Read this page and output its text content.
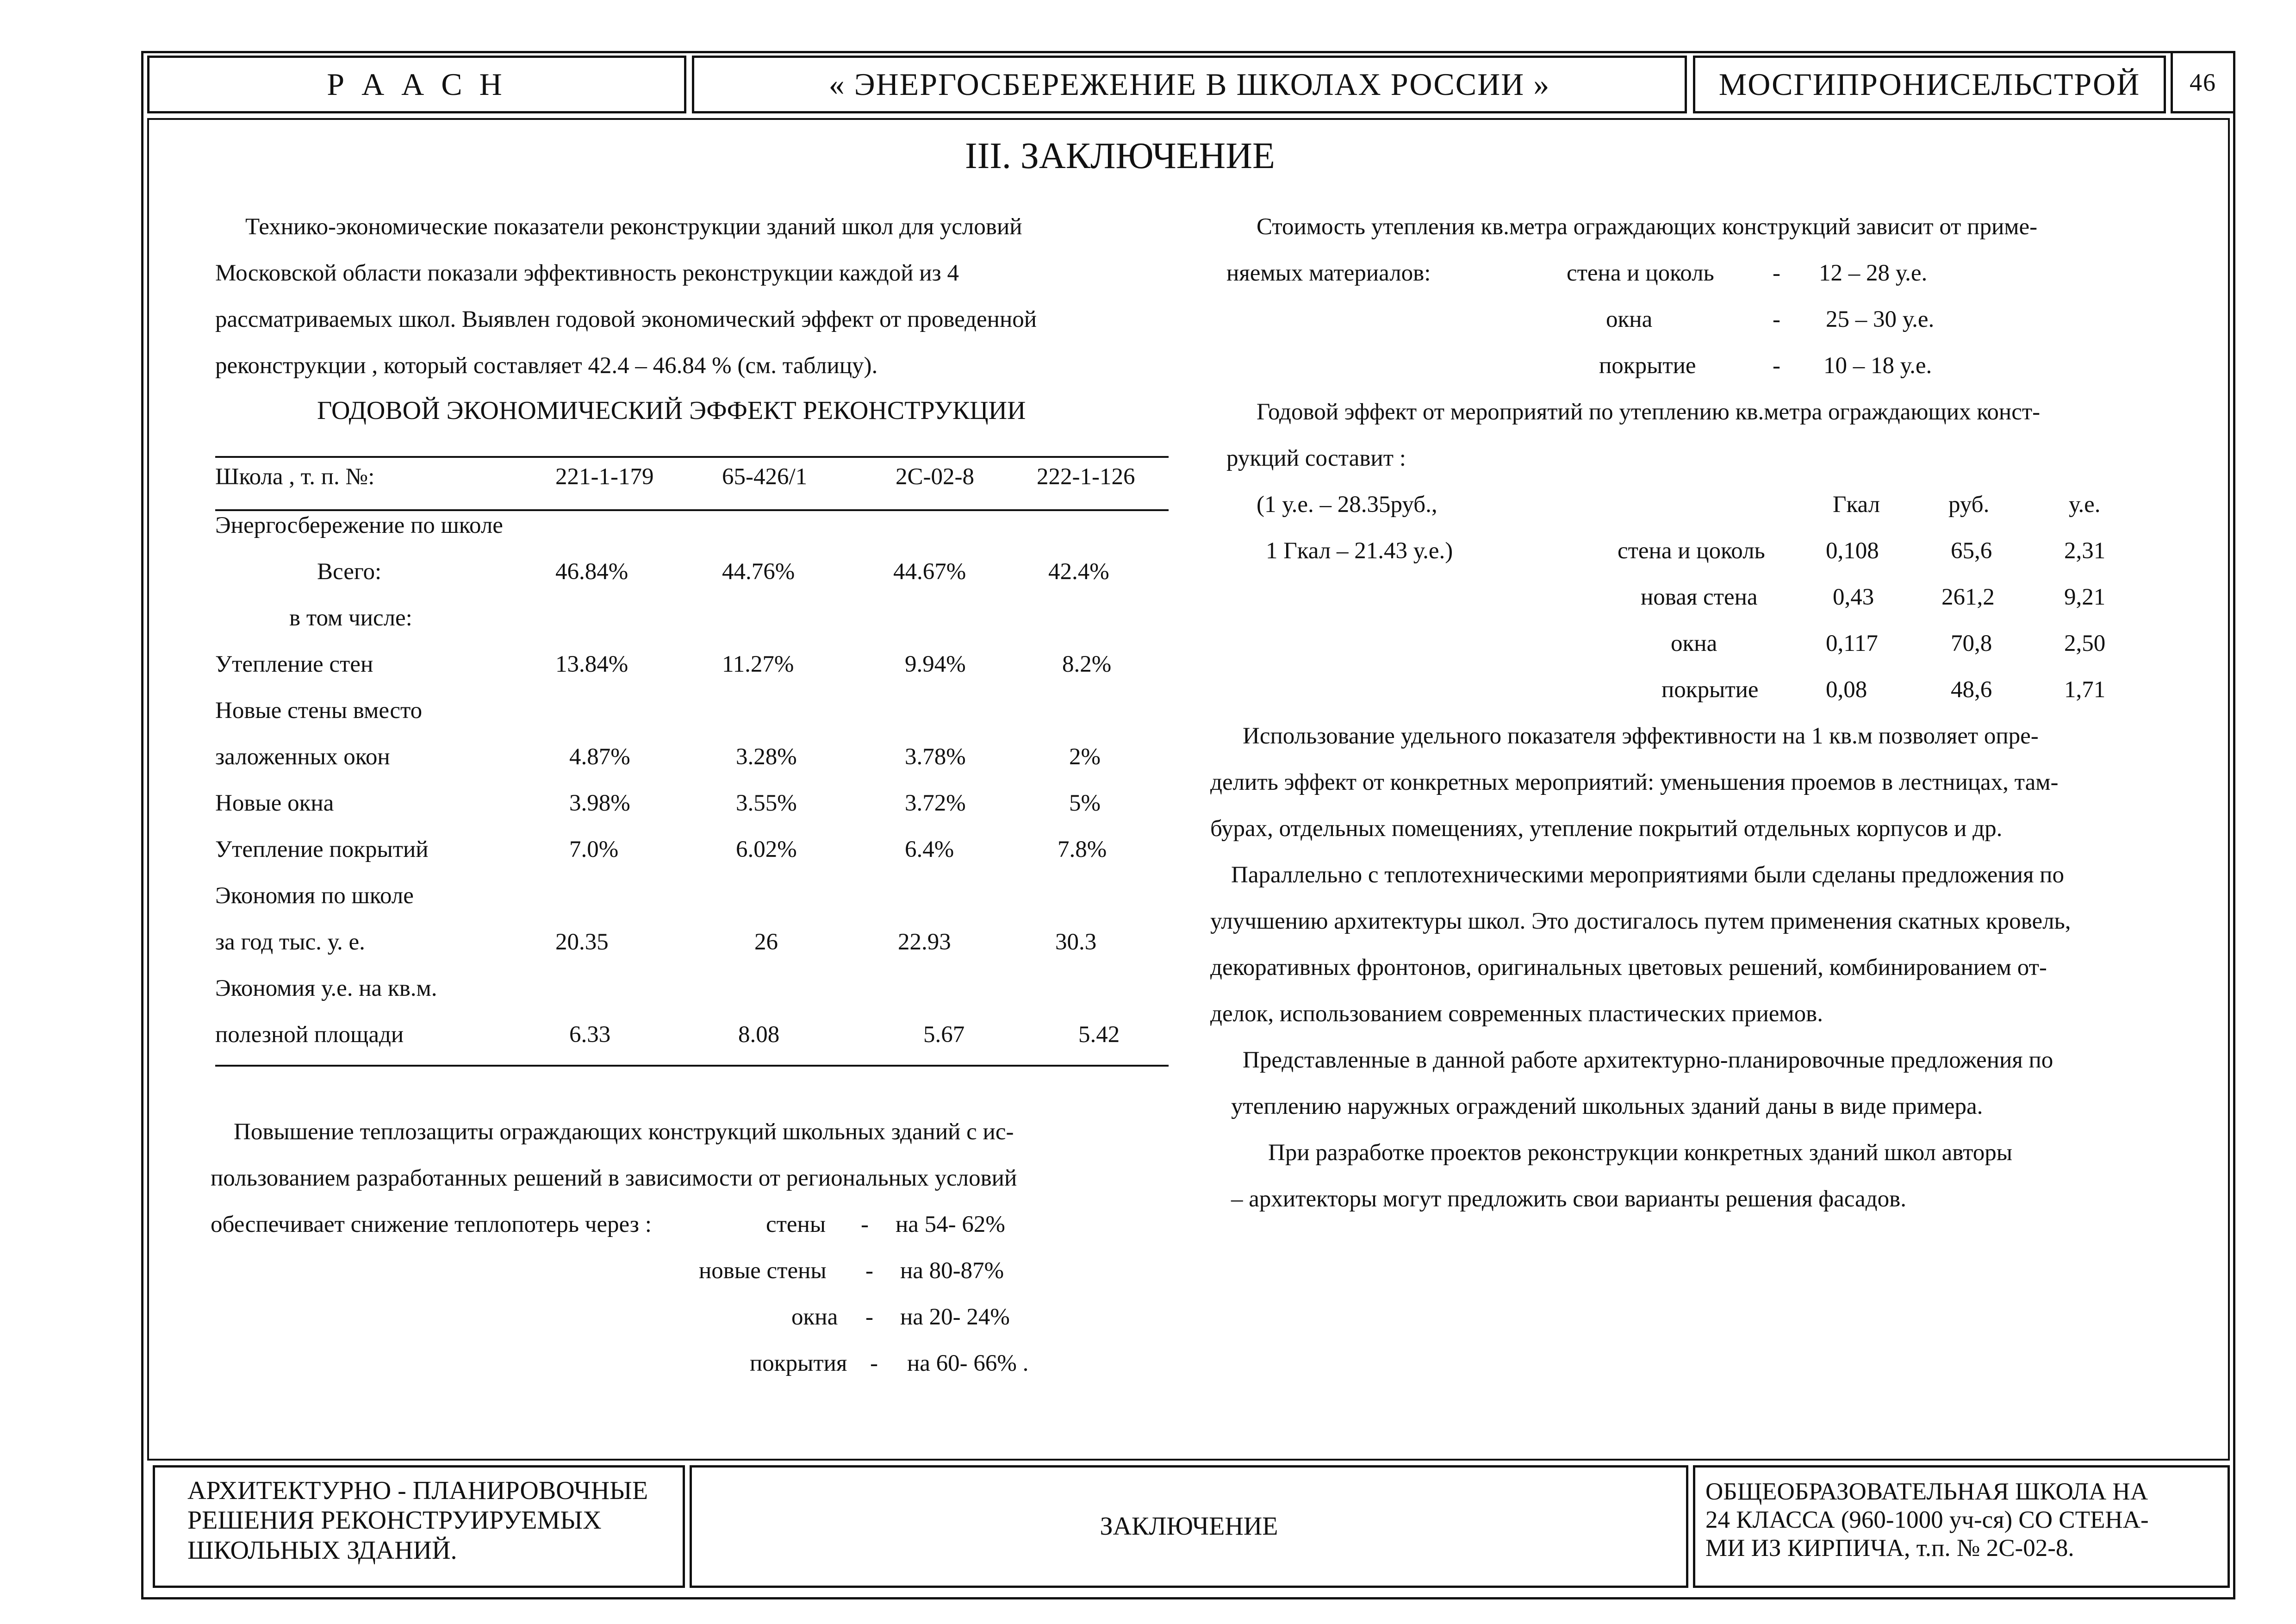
Р А А С Н	« ЭНЕРГОСБЕРЕЖЕНИЕ В ШКОЛАХ РОССИИ »	МОСГИПРОНИСЕЛЬСТРОЙ 46
III. ЗАКЛЮЧЕНИЕ
Технико-экономические показатели реконструкции зданий школ для условий
Московской области показали эффективность реконструкции каждой из 4
рассматриваемых школ. Выявлен годовой экономический эффект от проведенной
реконструкции , который составляет 42.4 – 46.84 % (см. таблицу).
ГОДОВОЙ ЭКОНОМИЧЕСКИЙ ЭФФЕКТ РЕКОНСТРУКЦИИ
Школа , т. п. №:	221-1-179	65-426/1	2С-02-8	222-1-126
Энергосбережение по школе
Всего:	46.84%	44.76%	44.67%	42.4%
в том числе:
Утепление стен	13.84%	11.27%	9.94%	8.2%
Новые стены вместо
заложенных окон	4.87%	3.28%	3.78%	2%
Новые окна	3.98%	3.55%	3.72%	5%
Утепление покрытий	7.0%	6.02%	6.4%	7.8%
Экономия по школе
за год тыс. у. е.	20.35	26	22.93	30.3
Экономия у.е. на кв.м.
полезной площади	6.33	8.08	5.67	5.42
Повышение теплозащиты ограждающих конструкций школьных зданий с ис-
пользованием разработанных решений в зависимости от региональных условий
обеспечивает снижение теплопотерь через :	стены - на 54- 62%
новые стены - на 80-87%
окна - на 20- 24%
покрытия - на 60- 66% .
Стоимость утепления кв.метра ограждающих конструкций зависит от приме-
няемых материалов:	стена и цоколь - 12 – 28 у.е.
окна	- 25 – 30 у.е.
покрытие	- 10 – 18 у.е.
Годовой эффект от мероприятий по утеплению кв.метра ограждающих конст-
рукций составит :
(1 у.е. – 28.35руб.,
1 Гкал – 21.43 у.е.)
Гкал	руб.	у.е.
стена и цоколь	0,108	65,6	2,31
новая стена	0,43	261,2	9,21
окна	0,117	70,8	2,50
покрытие	0,08	48,6	1,71
Использование удельного показателя эффективности на 1 кв.м позволяет опре-
делить эффект от конкретных мероприятий: уменьшения проемов в лестницах, там-
бурах, отдельных помещениях, утепление покрытий отдельных корпусов и др.
Параллельно с теплотехническими мероприятиями были сделаны предложения по
улучшению архитектуры школ. Это достигалось путем применения скатных кровель,
декоративных фронтонов, оригинальных цветовых решений, комбинированием от-
делок, использованием современных пластических приемов.
Представленные в данной работе архитектурно-планировочные предложения по
утеплению наружных ограждений школьных зданий даны в виде примера.
При разработке проектов реконструкции конкретных зданий школ авторы
– архитекторы могут предложить свои варианты решения фасадов.
АРХИТЕКТУРНО - ПЛАНИРОВОЧНЫЕ
РЕШЕНИЯ РЕКОНСТРУИРУЕМЫХ
ШКОЛЬНЫХ ЗДАНИЙ.
ЗАКЛЮЧЕНИЕ
ОБЩЕОБРАЗОВАТЕЛЬНАЯ ШКОЛА НА
24 КЛАССА (960-1000 уч-ся) СО СТЕНА-
МИ ИЗ КИРПИЧА, т.п. № 2С-02-8.
